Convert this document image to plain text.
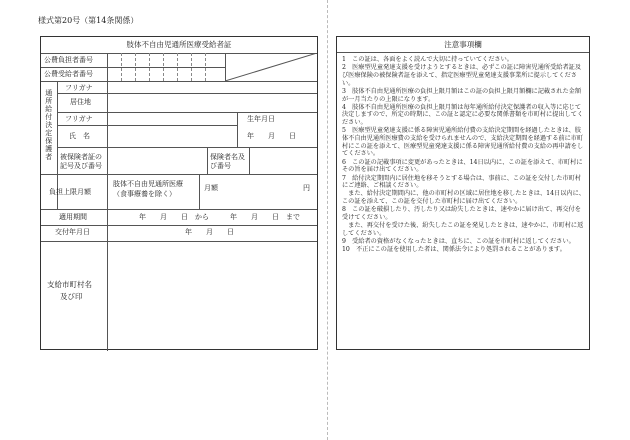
様式第20号（第14条関係）
肢体不自由児通所医療受給者証
公費負担者番号
公費受給者番号
通所給付決定保護者
フリガナ
居住地
フリガナ	生年月日
氏　名	年　　月　　日
被保険者証の記号及び番号
保険者名及び番号
負担上限月額
肢体不自由児通所医療
（食事療養を除く）
月額	円
適用期間	年　　月　　日　から　　　年　　月　　日　まで
交付年月日	年　　月　　日
支給市町村名
及び印
注意事項欄

1　この証は、各面をよく読んで大切に持っていてください。

2　医療型児童発達支援を受けようとするときは、必ずこの証に障害児通所受給者証及び医療保険の被保険者証を添えて、指定医療型児童発達支援事業所に提示してください。

3　肢体不自由児通所医療の負担上限月額はこの証の負担上限月額欄に記載された金額が一月当たりの上限になります。

4　肢体不自由児通所医療の負担上限月額は毎年通所給付決定保護者の収入等に応じて決定しますので、所定の時期に、この証と認定に必要な関係書類を市町村に提出してください。

5　医療型児童発達支援に係る障害児通所給付費の支給決定期間を経過したときは、肢体不自由児通所医療費の支給を受けられませんので、支給決定期間を経過する前に市町村にこの証を添えて、医療型児童発達支援に係る障害児通所給付費の支給の再申請をしてください。

6　この証の記載事項に変更があったときは、14日以内に、この証を添えて、市町村にその旨を届け出てください。

7　給付決定期間内に居住地を移そうとする場合は、事前に、この証を交付した市町村にご連絡、ご相談ください。

　また、給付決定期間内に、他の市町村の区域に居住地を移したときは、14日以内に、この証を添えて、この証を交付した市町村に届け出てください。

8　この証を破損したり、汚したり又は紛失したときは、速やかに届け出て、再交付を受けてください。

　また、再交付を受けた後、紛失したこの証を発見したときは、速やかに、市町村に返してください。

9　受給者の資格がなくなったときは、直ちに、この証を市町村に返してください。

10　不正にこの証を使用した者は、関係法令により処罰されることがあります。
